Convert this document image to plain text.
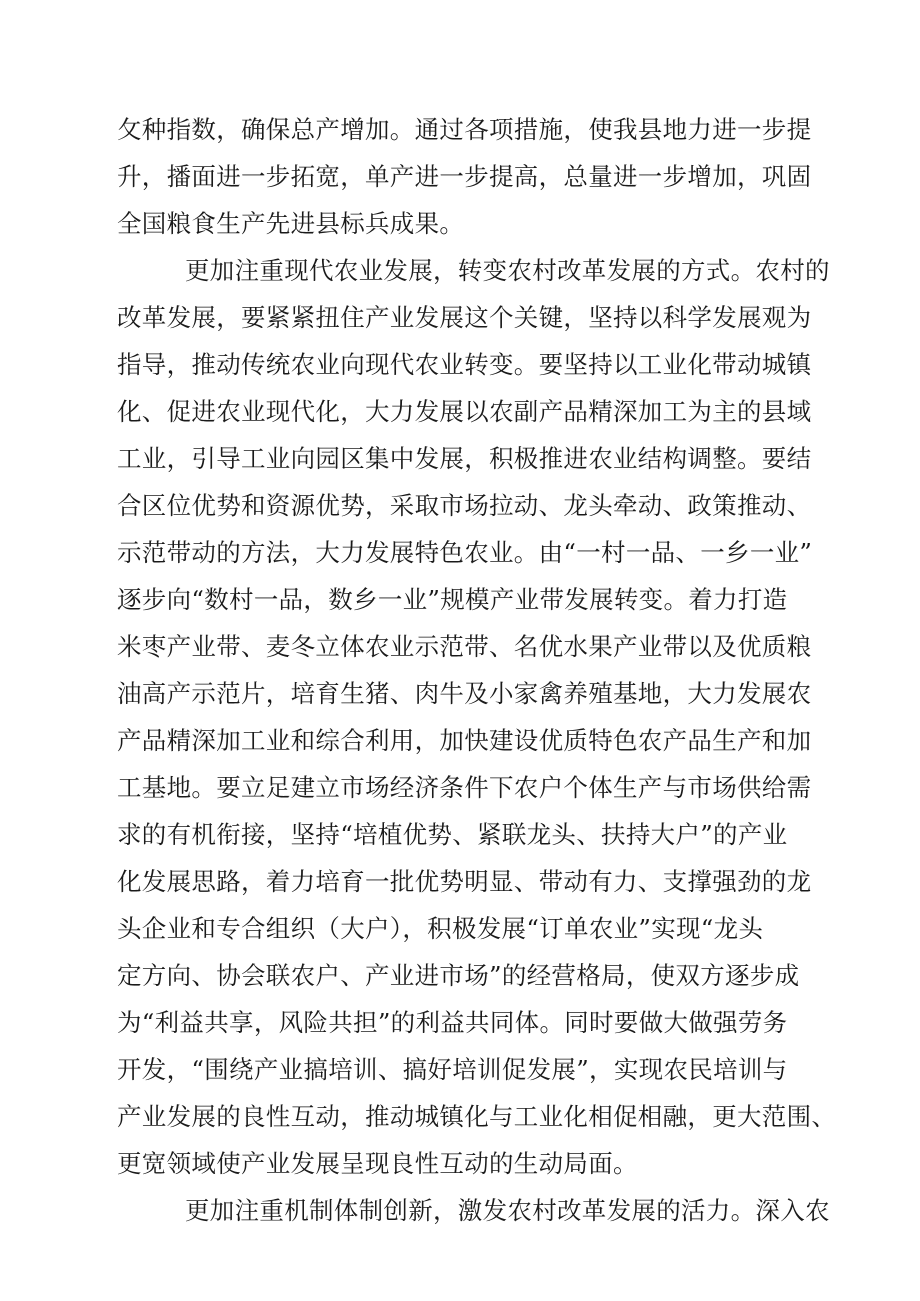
攵种指数，确保总产增加。通过各项措施，使我县地力进一步提
升，播面进一步拓宽，单产进一步提高，总量进一步增加，巩固
全国粮食生产先进县标兵成果。
更加注重现代农业发展，转变农村改革发展的方式。农村的
改革发展，要紧紧扭住产业发展这个关键，坚持以科学发展观为
指导，推动传统农业向现代农业转变。要坚持以工业化带动城镇
化、促进农业现代化，大力发展以农副产品精深加工为主的县域
工业，引导工业向园区集中发展，积极推进农业结构调整。要结
合区位优势和资源优势，采取市场拉动、龙头牵动、政策推动、
示范带动的方法，大力发展特色农业。由“一村一品、一乡一业”
逐步向“数村一品，数乡一业”规模产业带发展转变。着力打造
米枣产业带、麦冬立体农业示范带、名优水果产业带以及优质粮
油高产示范片，培育生猪、肉牛及小家禽养殖基地，大力发展农
产品精深加工业和综合利用，加快建设优质特色农产品生产和加
工基地。要立足建立市场经济条件下农户个体生产与市场供给需
求的有机衔接，坚持“培植优势、紧联龙头、扶持大户”的产业
化发展思路，着力培育一批优势明显、带动有力、支撑强劲的龙
头企业和专合组织（大户），积极发展“订单农业”实现“龙头
定方向、协会联农户、产业进市场”的经营格局，使双方逐步成
为“利益共享，风险共担”的利益共同体。同时要做大做强劳务
开发，“围绕产业搞培训、搞好培训促发展”，实现农民培训与
产业发展的良性互动，推动城镇化与工业化相促相融，更大范围、
更宽领域使产业发展呈现良性互动的生动局面。
更加注重机制体制创新，激发农村改革发展的活力。深入农
